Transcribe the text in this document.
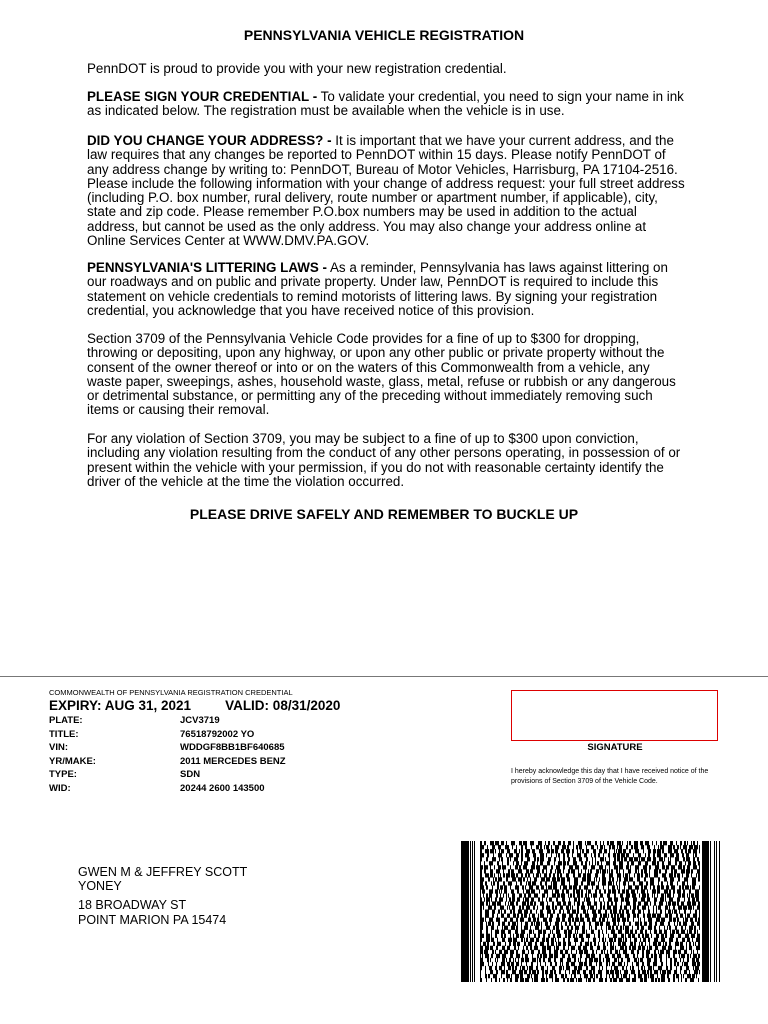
PENNSYLVANIA VEHICLE REGISTRATION
PennDOT is proud to provide you with your new registration credential.
PLEASE SIGN YOUR CREDENTIAL - To validate your credential, you need to sign your name in ink as indicated below. The registration must be available when the vehicle is in use.
DID YOU CHANGE YOUR ADDRESS? - It is important that we have your current address, and the law requires that any changes be reported to PennDOT within 15 days. Please notify PennDOT of any address change by writing to: PennDOT, Bureau of Motor Vehicles, Harrisburg, PA 17104-2516. Please include the following information with your change of address request: your full street address (including P.O. box number, rural delivery, route number or apartment number, if applicable), city, state and zip code. Please remember P.O.box numbers may be used in addition to the actual address, but cannot be used as the only address. You may also change your address online at Online Services Center at WWW.DMV.PA.GOV.
PENNSYLVANIA'S LITTERING LAWS - As a reminder, Pennsylvania has laws against littering on our roadways and on public and private property. Under law, PennDOT is required to include this statement on vehicle credentials to remind motorists of littering laws. By signing your registration credential, you acknowledge that you have received notice of this provision.
Section 3709 of the Pennsylvania Vehicle Code provides for a fine of up to $300 for dropping, throwing or depositing, upon any highway, or upon any other public or private property without the consent of the owner thereof or into or on the waters of this Commonwealth from a vehicle, any waste paper, sweepings, ashes, household waste, glass, metal, refuse or rubbish or any dangerous or detrimental substance, or permitting any of the preceding without immediately removing such items or causing their removal.
For any violation of Section 3709, you may be subject to a fine of up to $300 upon conviction, including any violation resulting from the conduct of any other persons operating, in possession of or present within the vehicle with your permission, if you do not with reasonable certainty identify the driver of the vehicle at the time the violation occurred.
PLEASE DRIVE SAFELY AND REMEMBER TO BUCKLE UP
COMMONWEALTH OF PENNSYLVANIA REGISTRATION CREDENTIAL
EXPIRY: AUG 31, 2021	VALID: 08/31/2020
PLATE:	JCV3719
TITLE:	76518792002 YO
VIN:	WDDGF8BB1BF640685
YR/MAKE:	2011 MERCEDES BENZ
TYPE:	SDN
WID:	20244 2600 143500
SIGNATURE
I hereby acknowledge this day that I have received notice of the provisions of Section 3709 of the Vehicle Code.
GWEN M & JEFFREY SCOTT
YONEY
18 BROADWAY ST
POINT MARION PA 15474
